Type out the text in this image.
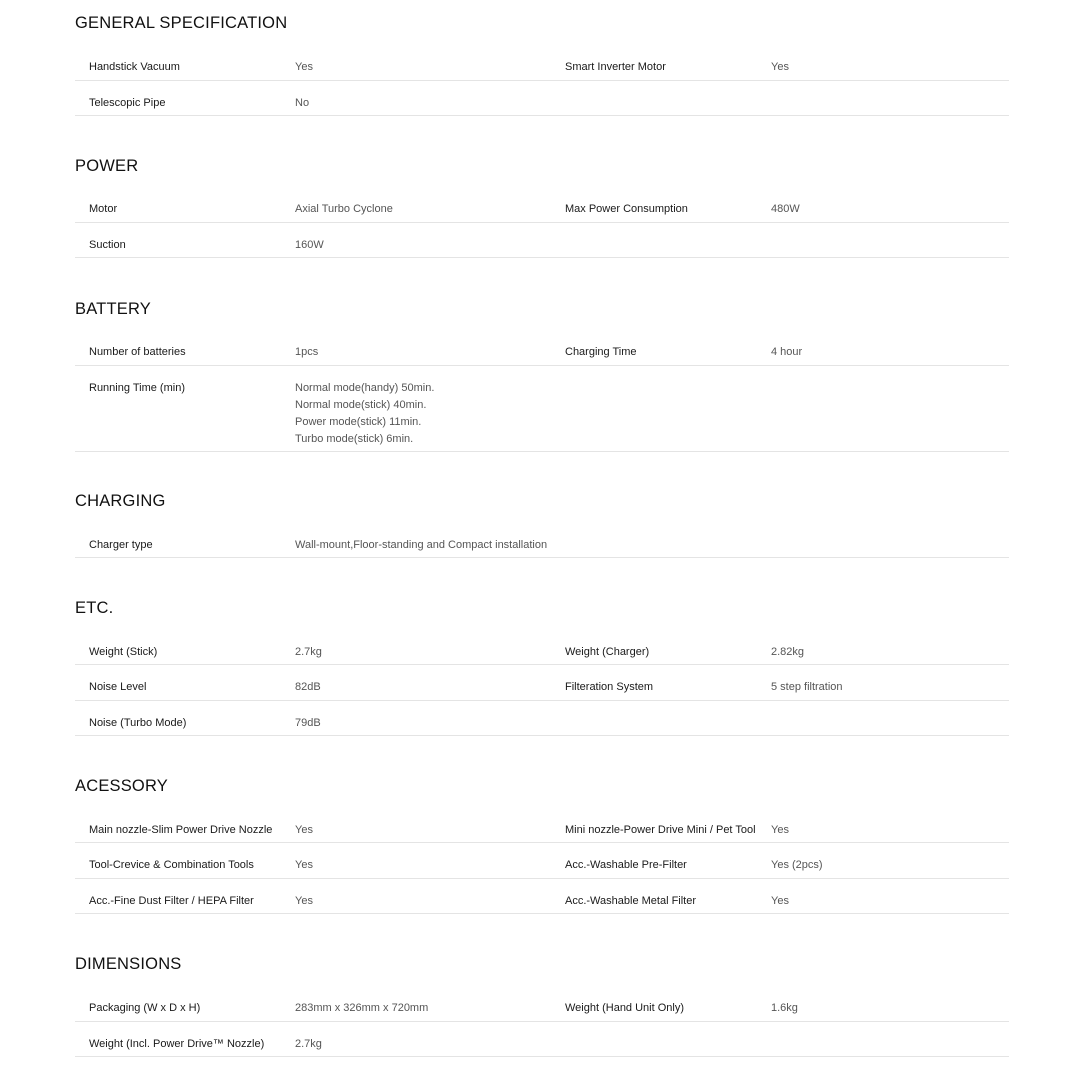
GENERAL SPECIFICATION
Handstick Vacuum	Yes	Smart Inverter Motor	Yes
Telescopic Pipe	No
POWER
Motor	Axial Turbo Cyclone	Max Power Consumption	480W
Suction	160W
BATTERY
Number of batteries	1pcs	Charging Time	4 hour
Running Time (min)	Normal mode(handy) 50min.
Normal mode(stick) 40min.
Power mode(stick) 11min.
Turbo mode(stick) 6min.
CHARGING
Charger type	Wall-mount,Floor-standing and Compact installation
ETC.
Weight (Stick)	2.7kg	Weight (Charger)	2.82kg
Noise Level	82dB	Filteration System	5 step filtration
Noise (Turbo Mode)	79dB
ACESSORY
Main nozzle-Slim Power Drive Nozzle Yes	Mini nozzle-Power Drive Mini / Pet Tool Yes
Tool-Crevice & Combination Tools	Yes	Acc.-Washable Pre-Filter	Yes (2pcs)
Acc.-Fine Dust Filter / HEPA Filter	Yes	Acc.-Washable Metal Filter	Yes
DIMENSIONS
Packaging (W x D x H)	283mm x 326mm x 720mm	Weight (Hand Unit Only)	1.6kg
Weight (Incl. Power Drive™ Nozzle)	2.7kg
